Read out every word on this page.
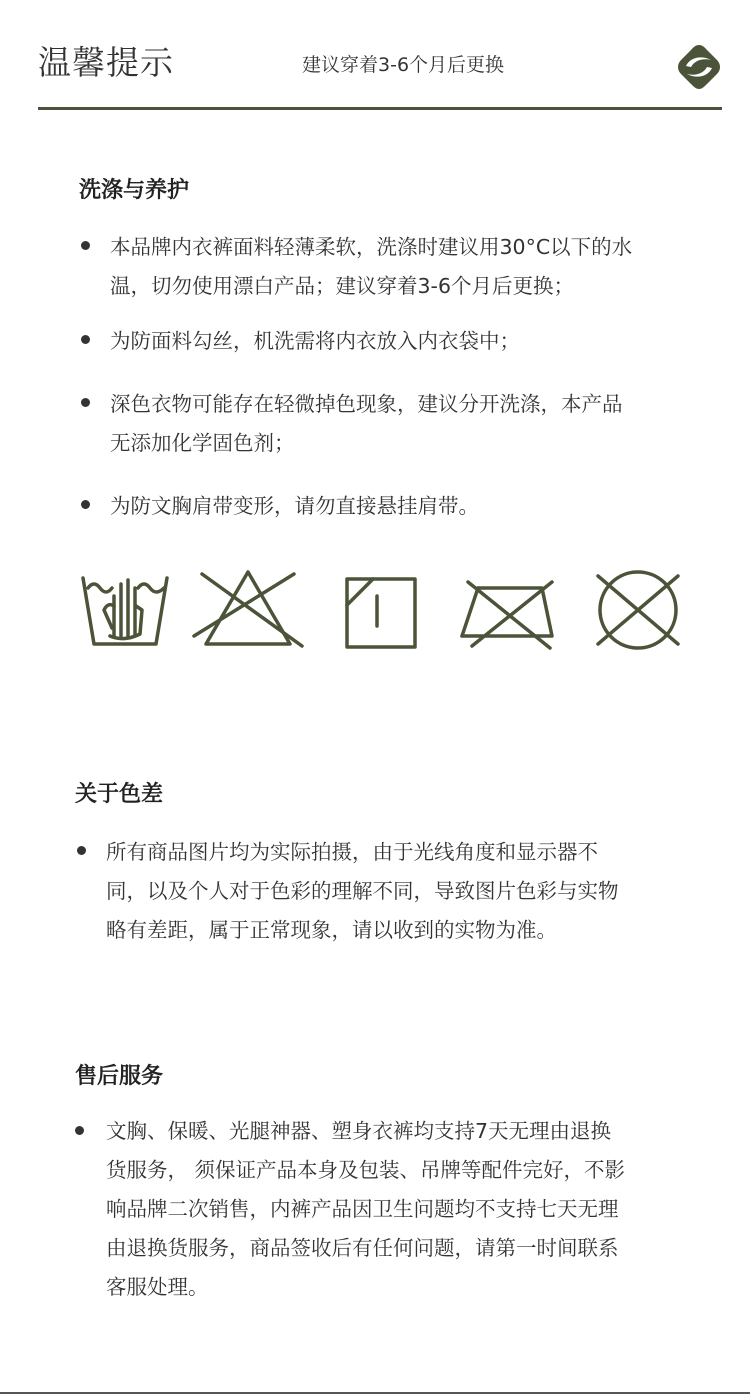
温馨提示	建议穿着3-6个月后更换
洗涤与养护
本品牌内衣裤面料轻薄柔软，洗涤时建议用30°C以下的水
温，切勿使用漂白产品；建议穿着3-6个月后更换；
为防面料勾丝，机洗需将内衣放入内衣袋中；
深色衣物可能存在轻微掉色现象，建议分开洗涤，本产品
无添加化学固色剂；
为防文胸肩带变形，请勿直接悬挂肩带。
关于色差
所有商品图片均为实际拍摄，由于光线角度和显示器不
同，以及个人对于色彩的理解不同，导致图片色彩与实物
略有差距，属于正常现象，请以收到的实物为准。
售后服务
文胸、保暖、光腿神器、塑身衣裤均支持7天无理由退换
货服务， 须保证产品本身及包装、吊牌等配件完好，不影
响品牌二次销售，内裤产品因卫生问题均不支持七天无理
由退换货服务，商品签收后有任何问题，请第一时间联系
客服处理。
